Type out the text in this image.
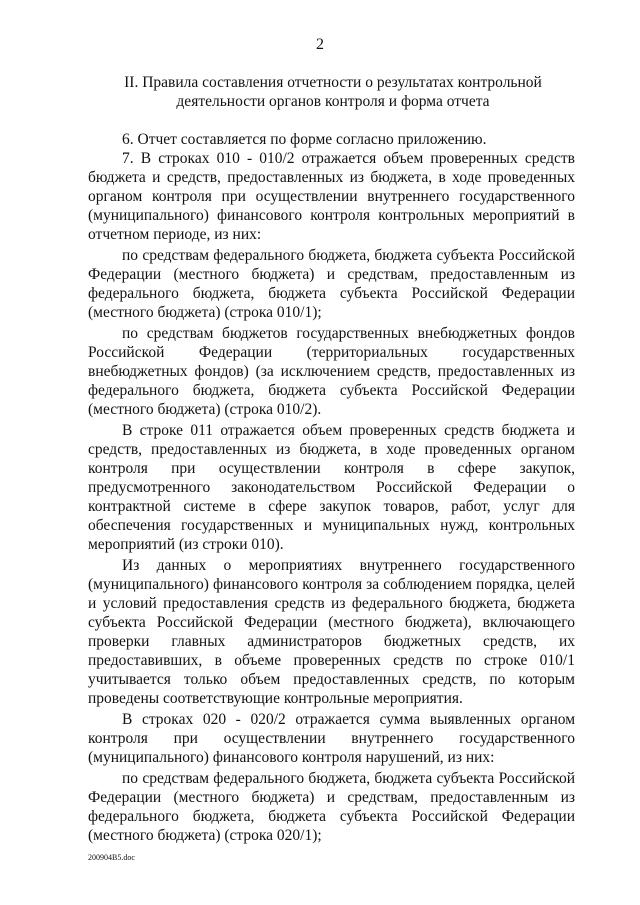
2
II. Правила составления отчетности о результатах контрольной деятельности органов контроля и форма отчета

6. Отчет составляется по форме согласно приложению.

7. В строках 010 - 010/2 отражается объем проверенных средств бюджета и средств, предоставленных из бюджета, в ходе проведенных органом контроля при осуществлении внутреннего государственного (муниципального) финансового контроля контрольных мероприятий в отчетном периоде, из них:

по средствам федерального бюджета, бюджета субъекта Российской Федерации (местного бюджета) и средствам, предоставленным из федерального бюджета, бюджета субъекта Российской Федерации (местного бюджета) (строка 010/1);

по средствам бюджетов государственных внебюджетных фондов Российской Федерации (территориальных государственных внебюджетных фондов) (за исключением средств, предоставленных из федерального бюджета, бюджета субъекта Российской Федерации (местного бюджета) (строка 010/2).

В строке 011 отражается объем проверенных средств бюджета и средств, предоставленных из бюджета, в ходе проведенных органом контроля при осуществлении контроля в сфере закупок, предусмотренного законодательством Российской Федерации о контрактной системе в сфере закупок товаров, работ, услуг для обеспечения государственных и муниципальных нужд, контрольных мероприятий (из строки 010).

Из данных о мероприятиях внутреннего государственного (муниципального) финансового контроля за соблюдением порядка, целей и условий предоставления средств из федерального бюджета, бюджета субъекта Российской Федерации (местного бюджета), включающего проверки главных администраторов бюджетных средств, их предоставивших, в объеме проверенных средств по строке 010/1 учитывается только объем предоставленных средств, по которым проведены соответствующие контрольные мероприятия.

В строках 020 - 020/2 отражается сумма выявленных органом контроля при осуществлении внутреннего государственного (муниципального) финансового контроля нарушений, из них:

по средствам федерального бюджета, бюджета субъекта Российской Федерации (местного бюджета) и средствам, предоставленным из федерального бюджета, бюджета субъекта Российской Федерации (местного бюджета) (строка 020/1);

200904B5.doc
